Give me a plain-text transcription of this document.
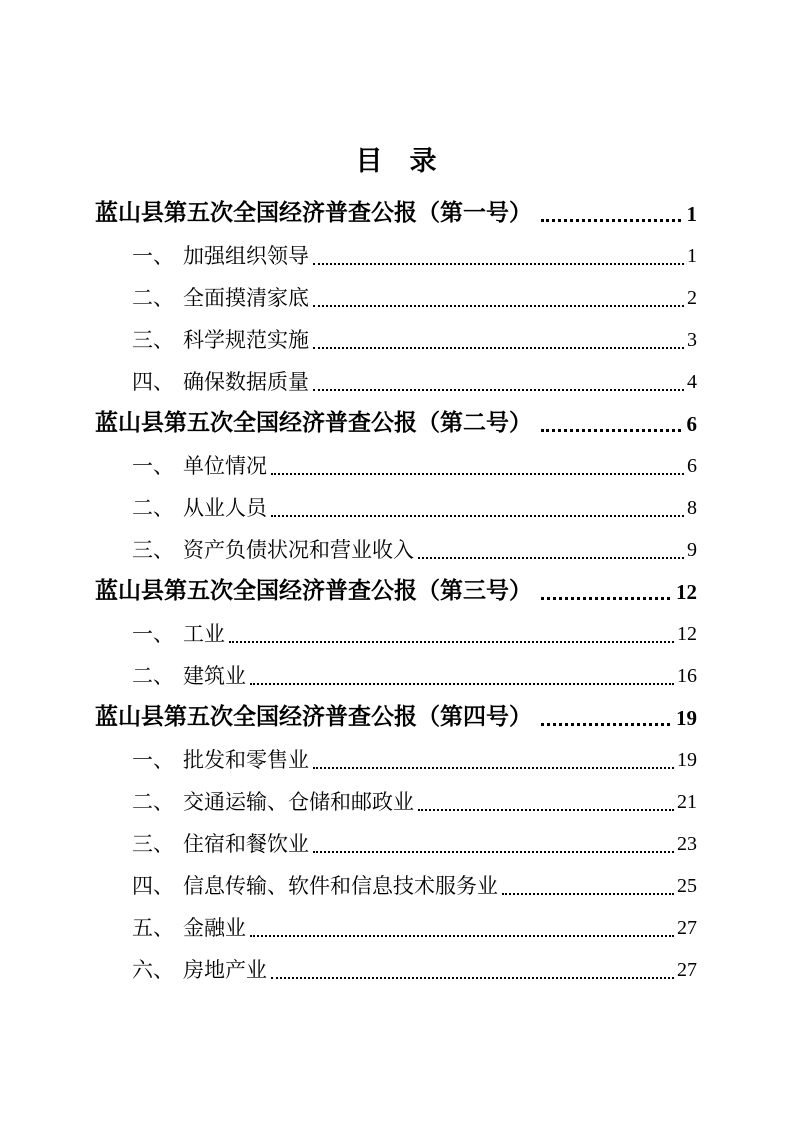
目　录
蓝山县第五次全国经济普查公报（第一号）	1
一、 加强组织领导	1
二、 全面摸清家底	2
三、 科学规范实施	3
四、 确保数据质量	4
蓝山县第五次全国经济普查公报（第二号）	6
一、 单位情况	6
二、 从业人员	8
三、 资产负债状况和营业收入	9
蓝山县第五次全国经济普查公报（第三号）	12
一、 工业	12
二、 建筑业	16
蓝山县第五次全国经济普查公报（第四号）	19
一、 批发和零售业	19
二、 交通运输、仓储和邮政业	21
三、 住宿和餐饮业	23
四、 信息传输、软件和信息技术服务业	25
五、 金融业	27
六、 房地产业	27
